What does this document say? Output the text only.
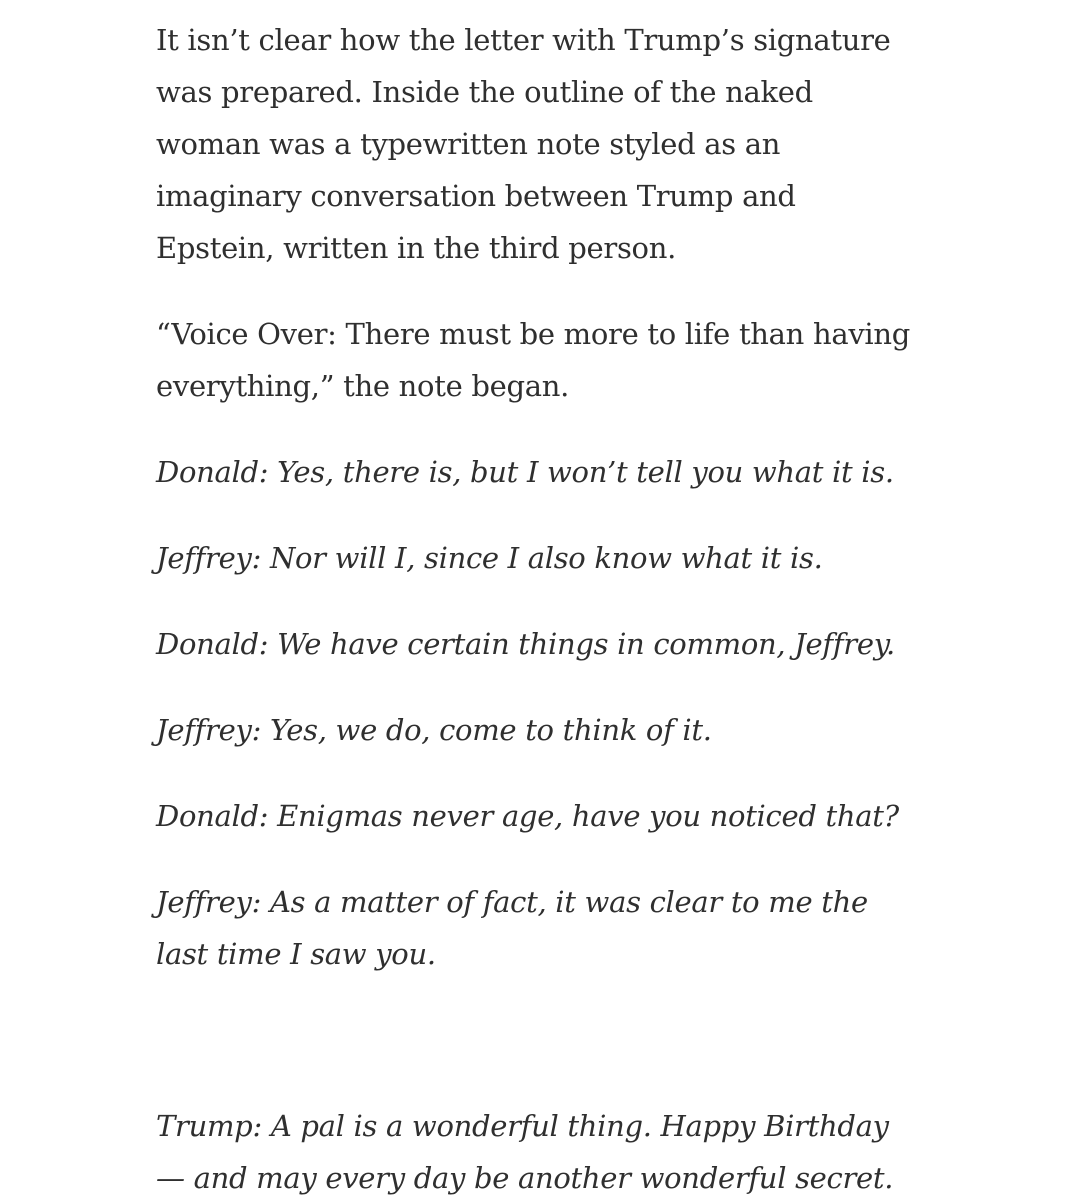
It isn’t clear how the letter with Trump’s signature
was prepared. Inside the outline of the naked
woman was a typewritten note styled as an
imaginary conversation between Trump and
Epstein, written in the third person.

“Voice Over: There must be more to life than having
everything,” the note began.

Donald: Yes, there is, but I won’t tell you what it is.

Jeffrey: Nor will I, since I also know what it is.

Donald: We have certain things in common, Jeffrey.

Jeffrey: Yes, we do, come to think of it.

Donald: Enigmas never age, have you noticed that?

Jeffrey: As a matter of fact, it was clear to me the
last time I saw you.

Trump: A pal is a wonderful thing. Happy Birthday
— and may every day be another wonderful secret.
